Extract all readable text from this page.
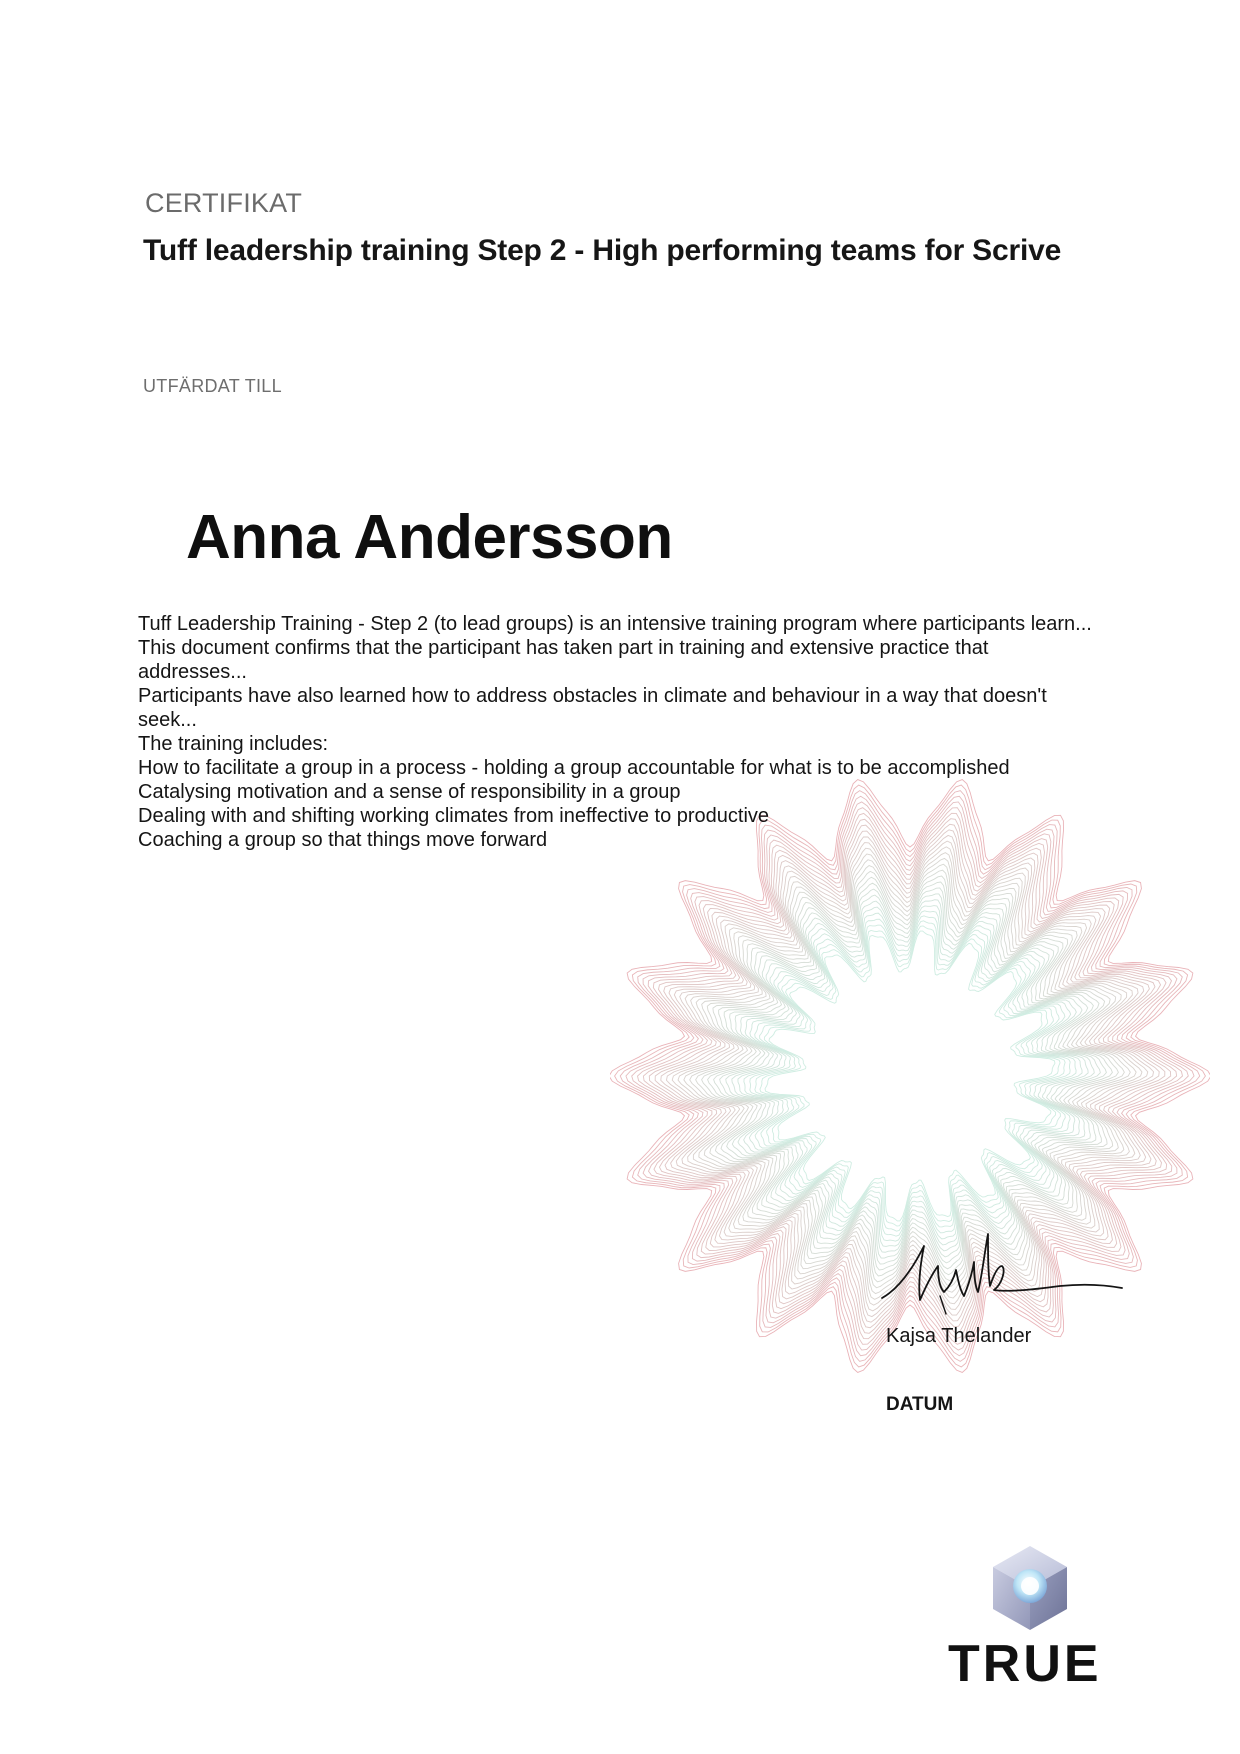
CERTIFIKAT
Tuff leadership training Step 2 - High performing teams for Scrive
UTFÄRDAT TILL
Anna Andersson
Tuff Leadership Training - Step 2 (to lead groups) is an intensive training program where participants learn...
This document confirms that the participant has taken part in training and extensive practice that
addresses...
Participants have also learned how to address obstacles in climate and behaviour in a way that doesn't
seek...
The training includes:
How to facilitate a group in a process - holding a group accountable for what is to be accomplished
Catalysing motivation and a sense of responsibility in a group
Dealing with and shifting working climates from ineffective to productive
Coaching a group so that things move forward
Kajsa Thelander
DATUM
TRUE
